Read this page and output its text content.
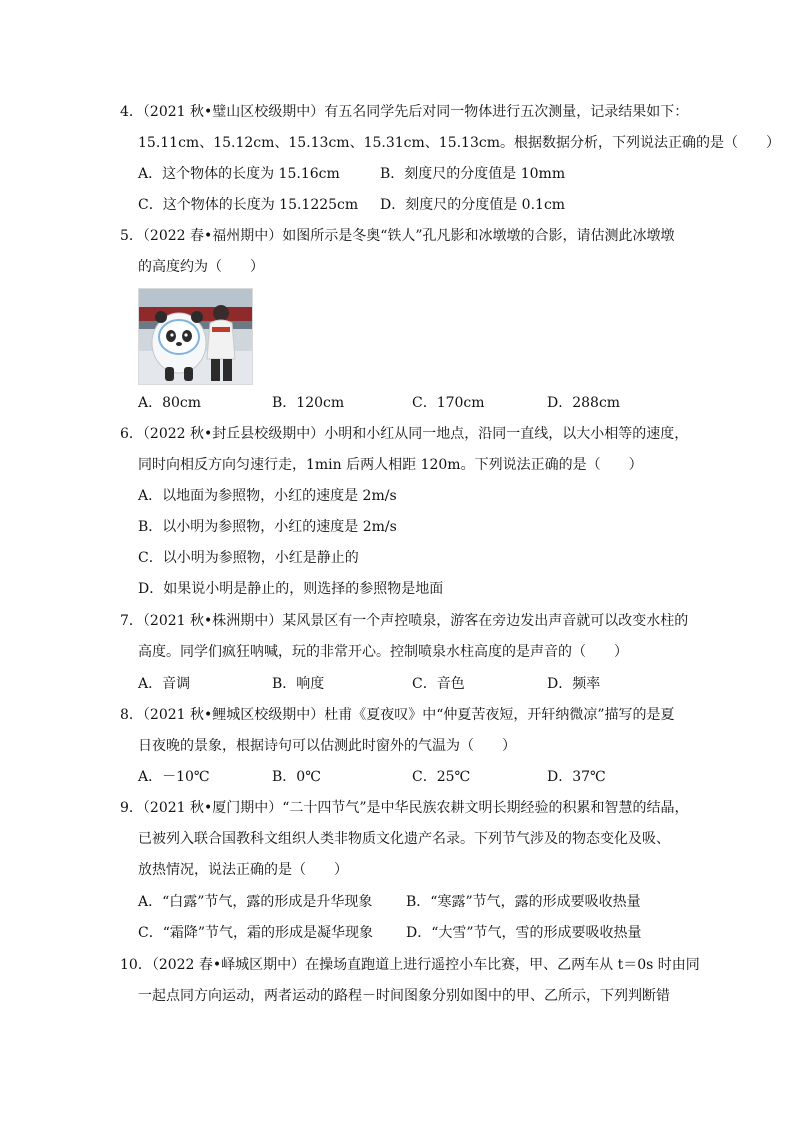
4．（2021 秋•璧山区校级期中）有五名同学先后对同一物体进行五次测量，记录结果如下：
15.11cm、15.12cm、15.13cm、15.31cm、15.13cm。根据数据分析，下列说法正确的是（　　）
A．这个物体的长度为 15.16cm	B．刻度尺的分度值是 10mm
C．这个物体的长度为 15.1225cm D．刻度尺的分度值是 0.1cm
5．（2022 春•福州期中）如图所示是冬奥“铁人”孔凡影和冰墩墩的合影，请估测此冰墩墩
的高度约为（　　）
A．80cm	B．120cm	C．170cm	D．288cm
6．（2022 秋•封丘县校级期中）小明和小红从同一地点，沿同一直线，以大小相等的速度，
同时向相反方向匀速行走，1min 后两人相距 120m。下列说法正确的是（　　）
A．以地面为参照物，小红的速度是 2m/s
B．以小明为参照物，小红的速度是 2m/s
C．以小明为参照物，小红是静止的
D．如果说小明是静止的，则选择的参照物是地面
7．（2021 秋•株洲期中）某风景区有一个声控喷泉，游客在旁边发出声音就可以改变水柱的
高度。同学们疯狂呐喊，玩的非常开心。控制喷泉水柱高度的是声音的（　　）
A．音调	B．响度	C．音色	D．频率
8．（2021 秋•鲤城区校级期中）杜甫《夏夜叹》中“仲夏苦夜短，开轩纳微凉”描写的是夏
日夜晚的景象，根据诗句可以估测此时窗外的气温为（　　）
A．－10℃	B．0℃	C．25℃	D．37℃
9．（2021 秋•厦门期中）“二十四节气”是中华民族农耕文明长期经验的积累和智慧的结晶，
已被列入联合国教科文组织人类非物质文化遗产名录。下列节气涉及的物态变化及吸、
放热情况，说法正确的是（　　）
A．“白露”节气，露的形成是升华现象 B．“寒露”节气，露的形成要吸收热量
C．“霜降”节气，霜的形成是凝华现象 D．“大雪”节气，雪的形成要吸收热量
10．（2022 春•峄城区期中）在操场直跑道上进行遥控小车比赛，甲、乙两车从 t＝0s 时由同
一起点同方向运动，两者运动的路程－时间图象分别如图中的甲、乙所示，下列判断错
